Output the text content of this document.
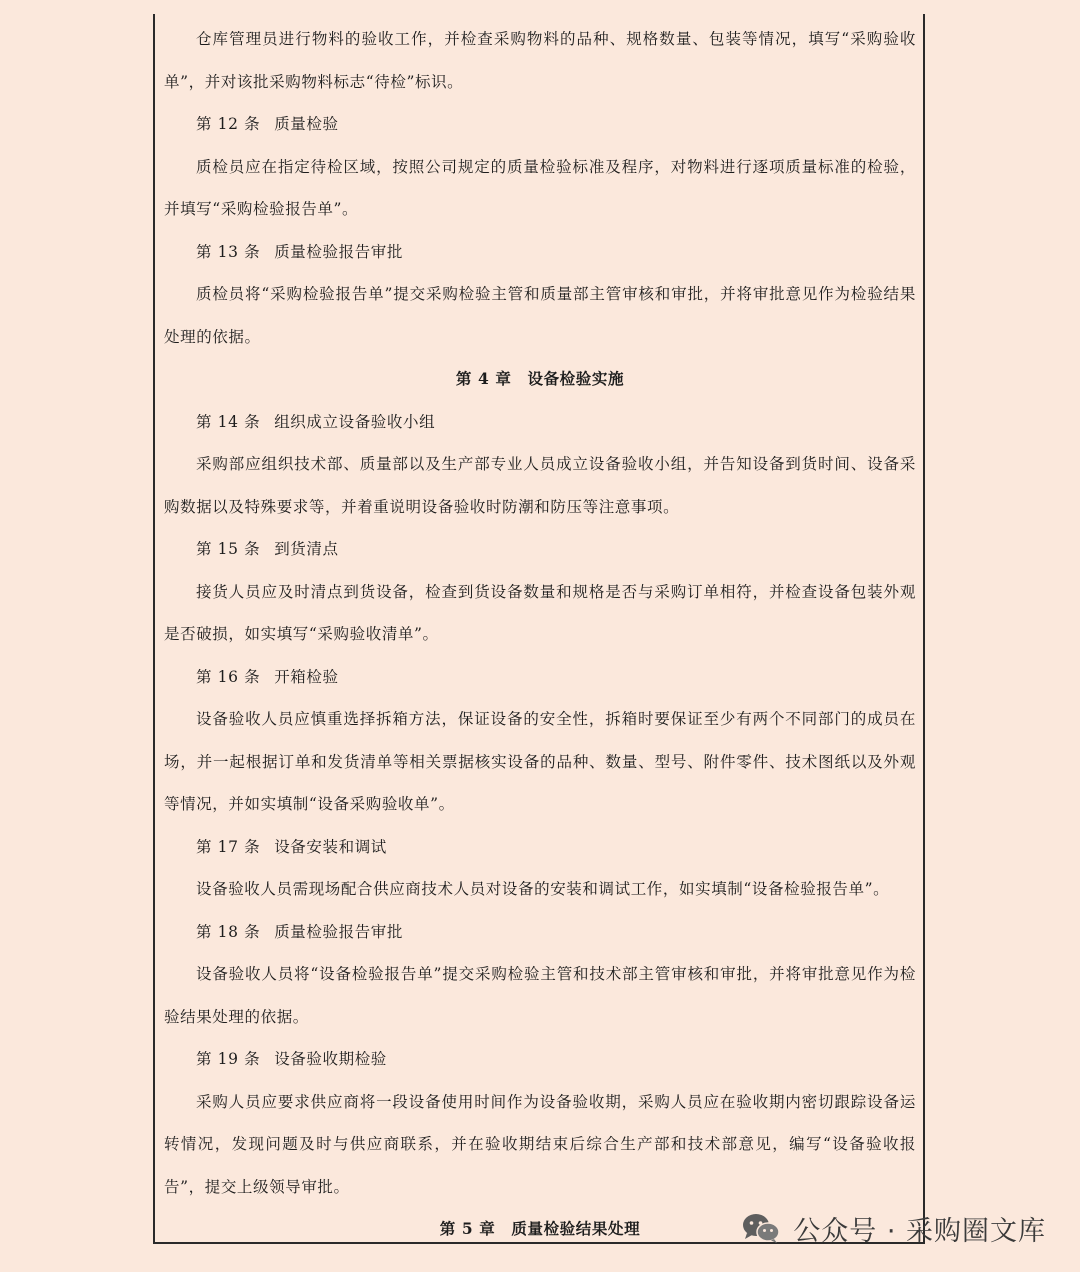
仓库管理员进行物料的验收工作，并检查采购物料的品种、规格数量、包装等情况，填写“采购验收单”，并对该批采购物料标志“待检”标识。

第 12 条 质量检验

质检员应在指定待检区域，按照公司规定的质量检验标准及程序，对物料进行逐项质量标准的检验，并填写“采购检验报告单”。

第 13 条 质量检验报告审批

质检员将“采购检验报告单”提交采购检验主管和质量部主管审核和审批，并将审批意见作为检验结果处理的依据。

第 4 章 设备检验实施

第 14 条 组织成立设备验收小组

采购部应组织技术部、质量部以及生产部专业人员成立设备验收小组，并告知设备到货时间、设备采购数据以及特殊要求等，并着重说明设备验收时防潮和防压等注意事项。

第 15 条 到货清点

接货人员应及时清点到货设备，检查到货设备数量和规格是否与采购订单相符，并检查设备包装外观是否破损，如实填写“采购验收清单”。

第 16 条 开箱检验

设备验收人员应慎重选择拆箱方法，保证设备的安全性，拆箱时要保证至少有两个不同部门的成员在场，并一起根据订单和发货清单等相关票据核实设备的品种、数量、型号、附件零件、技术图纸以及外观等情况，并如实填制“设备采购验收单”。

第 17 条 设备安装和调试

设备验收人员需现场配合供应商技术人员对设备的安装和调试工作，如实填制“设备检验报告单”。

第 18 条 质量检验报告审批

设备验收人员将“设备检验报告单”提交采购检验主管和技术部主管审核和审批，并将审批意见作为检验结果处理的依据。

第 19 条 设备验收期检验

采购人员应要求供应商将一段设备使用时间作为设备验收期，采购人员应在验收期内密切跟踪设备运转情况，发现问题及时与供应商联系，并在验收期结束后综合生产部和技术部意见，编写“设备验收报告”，提交上级领导审批。

第 5 章 质量检验结果处理	公众号 · 采购圈文库
